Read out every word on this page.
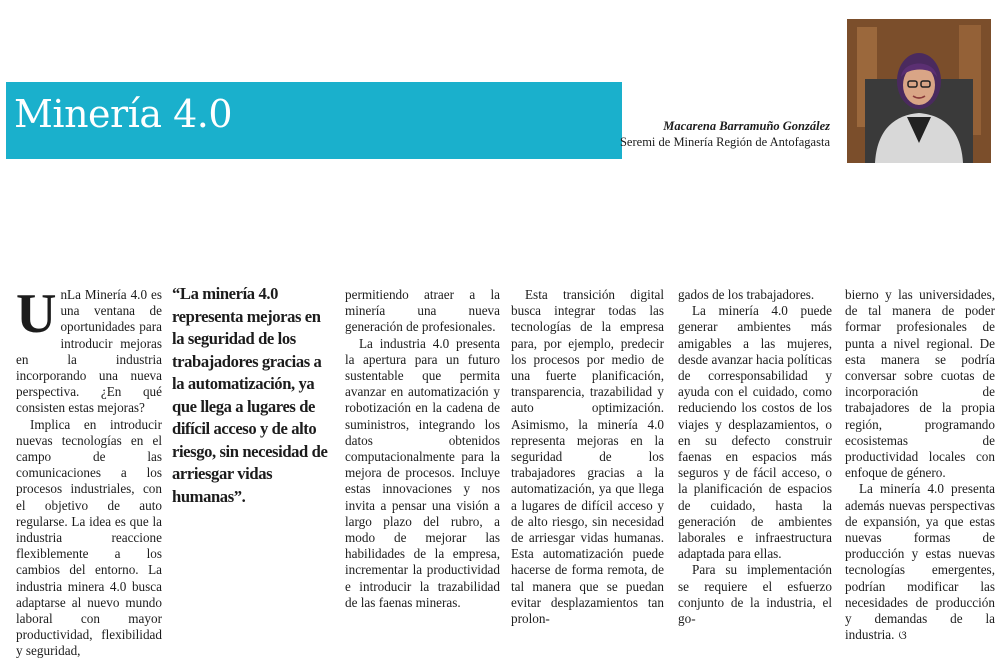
Minería 4.0	Macarena Barramuño González
Seremi de Minería Región de Antofagasta
U nLa Minería 4.0 es una ventana de oportunidades para introducir mejoras en la industria incorporando una nueva perspectiva. ¿En qué consisten estas mejoras?

Implica en introducir nuevas tecnologías en el campo de las comunicaciones a los procesos industriales, con el objetivo de auto regularse. La idea es que la industria reaccione flexiblemente a los cambios del entorno. La industria minera 4.0 busca adaptarse al nuevo mundo laboral con mayor productividad, flexibilidad y seguridad,

“La minería 4.0 representa mejoras en la seguridad de los trabajadores gracias a la automatización, ya que llega a lugares de difícil acceso y de alto riesgo, sin necesidad de arriesgar vidas humanas”.

permitiendo atraer a la minería una nueva generación de profesionales.

La industria 4.0 presenta la apertura para un futuro sustentable que permita avanzar en automatización y robotización en la cadena de suministros, integrando los datos obtenidos computacionalmente para la mejora de procesos. Incluye estas innovaciones y nos invita a pensar una visión a largo plazo del rubro, a modo de mejorar las habilidades de la empresa, incrementar la productividad e introducir la trazabilidad de las faenas mineras.

Esta transición digital busca integrar todas las tecnologías de la empresa para, por ejemplo, predecir los procesos por medio de una fuerte planificación, transparencia, trazabilidad y auto optimización. Asimismo, la minería 4.0 representa mejoras en la seguridad de los trabajadores gracias a la automatización, ya que llega a lugares de difícil acceso y de alto riesgo, sin necesidad de arriesgar vidas humanas. Esta automatización puede hacerse de forma remota, de tal manera que se puedan evitar desplazamientos tan prolon-

gados de los trabajadores.

La minería 4.0 puede generar ambientes más amigables a las mujeres, desde avanzar hacia políticas de corresponsabilidad y ayuda con el cuidado, como reduciendo los costos de los viajes y desplazamientos, o en su defecto construir faenas en espacios más seguros y de fácil acceso, o la planificación de espacios de cuidado, hasta la generación de ambientes laborales e infraestructura adaptada para ellas.

Para su implementación se requiere el esfuerzo conjunto de la industria, el go-

bierno y las universidades, de tal manera de poder formar profesionales de punta a nivel regional. De esta manera se podría conversar sobre cuotas de incorporación de trabajadores de la propia región, programando ecosistemas de productividad locales con enfoque de género.

La minería 4.0 presenta además nuevas perspectivas de expansión, ya que estas nuevas formas de producción y estas nuevas tecnologías emergentes, podrían modificar las necesidades de producción y demandas de la industria. ଓ
